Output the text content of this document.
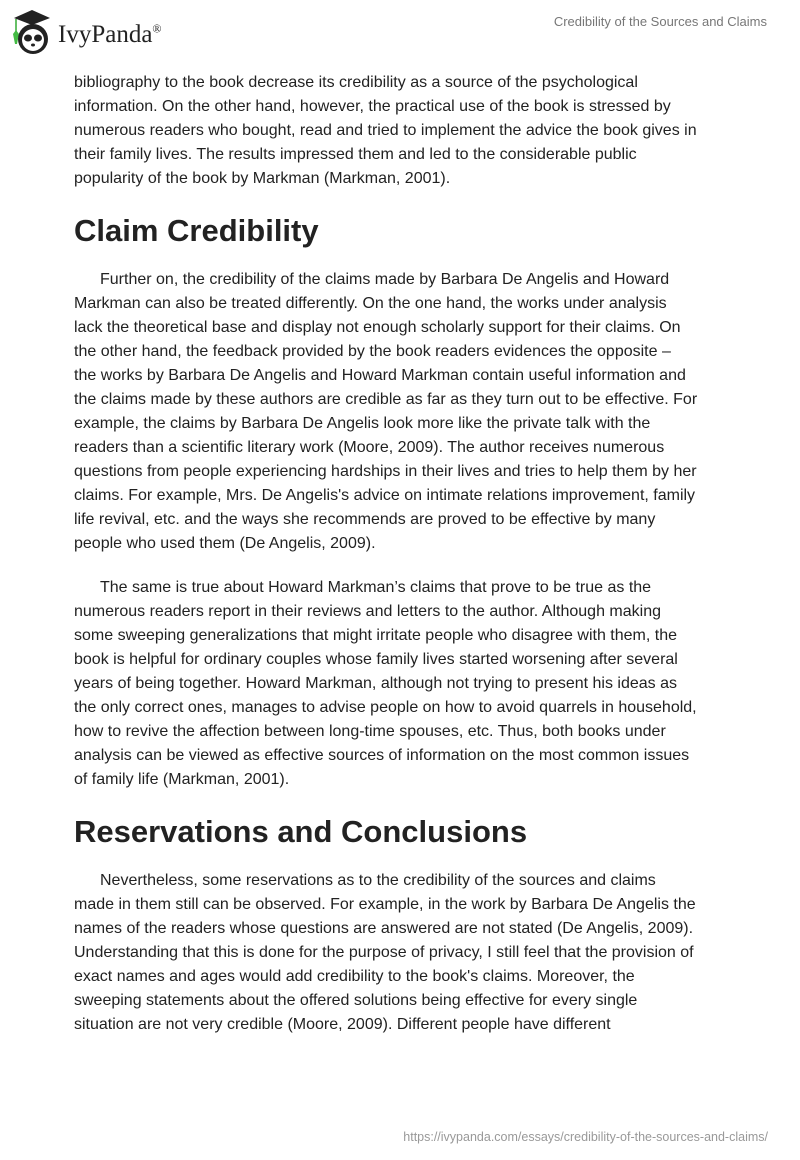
IvyPanda®	Credibility of the Sources and Claims

bibliography to the book decrease its credibility as a source of the psychological
information. On the other hand, however, the practical use of the book is stressed by
numerous readers who bought, read and tried to implement the advice the book gives in
their family lives. The results impressed them and led to the considerable public
popularity of the book by Markman (Markman, 2001).

Claim Credibility

Further on, the credibility of the claims made by Barbara De Angelis and Howard
Markman can also be treated differently. On the one hand, the works under analysis
lack the theoretical base and display not enough scholarly support for their claims. On
the other hand, the feedback provided by the book readers evidences the opposite –
the works by Barbara De Angelis and Howard Markman contain useful information and
the claims made by these authors are credible as far as they turn out to be effective. For
example, the claims by Barbara De Angelis look more like the private talk with the
readers than a scientific literary work (Moore, 2009). The author receives numerous
questions from people experiencing hardships in their lives and tries to help them by her
claims. For example, Mrs. De Angelis's advice on intimate relations improvement, family
life revival, etc. and the ways she recommends are proved to be effective by many
people who used them (De Angelis, 2009).

The same is true about Howard Markman’s claims that prove to be true as the
numerous readers report in their reviews and letters to the author. Although making
some sweeping generalizations that might irritate people who disagree with them, the
book is helpful for ordinary couples whose family lives started worsening after several
years of being together. Howard Markman, although not trying to present his ideas as
the only correct ones, manages to advise people on how to avoid quarrels in household,
how to revive the affection between long-time spouses, etc. Thus, both books under
analysis can be viewed as effective sources of information on the most common issues
of family life (Markman, 2001).

Reservations and Conclusions

Nevertheless, some reservations as to the credibility of the sources and claims
made in them still can be observed. For example, in the work by Barbara De Angelis the
names of the readers whose questions are answered are not stated (De Angelis, 2009).
Understanding that this is done for the purpose of privacy, I still feel that the provision of
exact names and ages would add credibility to the book's claims. Moreover, the
sweeping statements about the offered solutions being effective for every single
situation are not very credible (Moore, 2009). Different people have different

https://ivypanda.com/essays/credibility-of-the-sources-and-claims/
